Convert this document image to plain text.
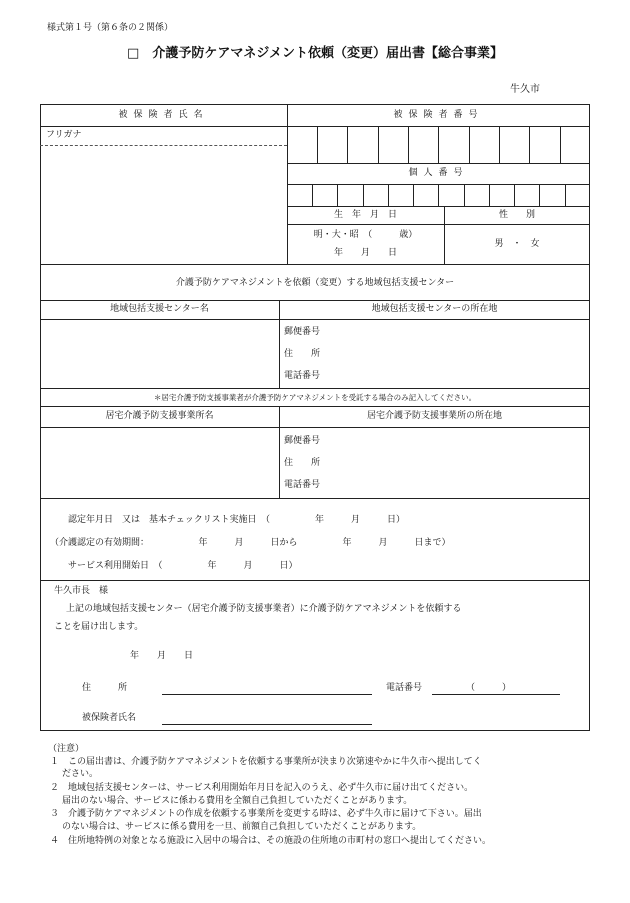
様式第１号（第６条の２関係）
□　介護予防ケアマネジメント依頼（変更）届出書【総合事業】
牛久市
被保険者氏名	被保険者番号
フリガナ
個人番号
生　年　月　日	性　　別
明・大・昭　（　　　歳）
年　　月　　日
男　・　女
介護予防ケアマネジメントを依頼（変更）する地域包括支援センター
地域包括支援センター名	地域包括支援センターの所在地
郵便番号
住　　所
電話番号
＊居宅介護予防支援事業者が介護予防ケアマネジメントを受託する場合のみ記入してください。
居宅介護予防支援事業所名	居宅介護予防支援事業所の所在地
郵便番号
住　　所
電話番号
認定年月日　又は　基本チェックリスト実施日　（　　　　　年　　　月　　　日）
（介護認定の有効期間：　　　　　　年　　　月　　　日から　　　　　年　　　月　　　日まで）
サービス利用開始日　（　　　　　年　　　月　　　日）
牛久市長　様
上記の地域包括支援センター（居宅介護予防支援事業者）に介護予防ケアマネジメントを依頼する
ことを届け出します。
年　　月　　日
住　　　所	電話番号	（　　　）
被保険者氏名
（注意）
１　この届出書は、介護予防ケアマネジメントを依頼する事業所が決まり次第速やかに牛久市へ提出してく
ださい。
２　地域包括支援センターは、サービス利用開始年月日を記入のうえ、必ず牛久市に届け出てください。
届出のない場合、サービスに係わる費用を全額自己負担していただくことがあります。
３　介護予防ケアマネジメントの作成を依頼する事業所を変更する時は、必ず牛久市に届けて下さい。届出
のない場合は、サービスに係る費用を一旦、前額自己負担していただくことがあります。
４　住所地特例の対象となる施設に入居中の場合は、その施設の住所地の市町村の窓口へ提出してください。
